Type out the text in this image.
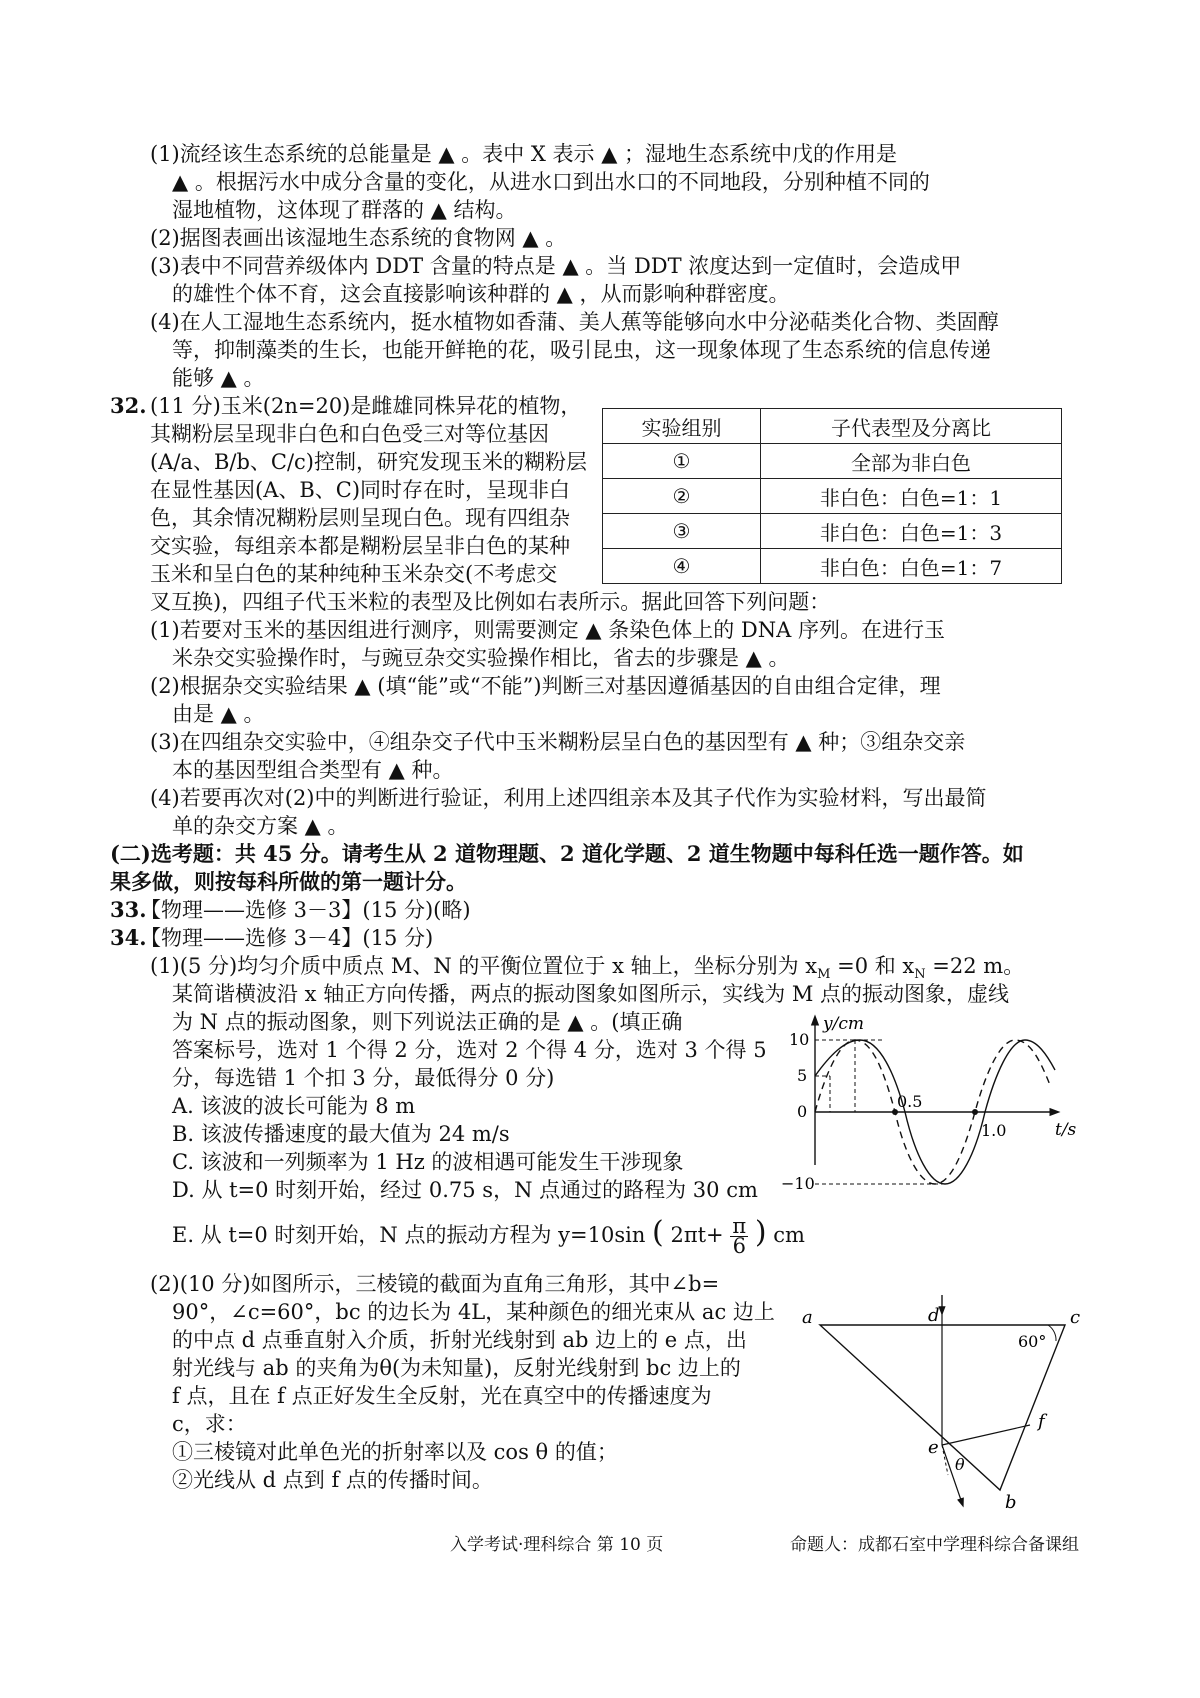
(1)流经该生态系统的总能量是 ▲ 。表中 X 表示 ▲ ；湿地生态系统中戊的作用是
▲ 。根据污水中成分含量的变化，从进水口到出水口的不同地段，分别种植不同的
湿地植物，这体现了群落的 ▲ 结构。
(2)据图表画出该湿地生态系统的食物网 ▲ 。
(3)表中不同营养级体内 DDT 含量的特点是 ▲ 。当 DDT 浓度达到一定值时，会造成甲
的雄性个体不育，这会直接影响该种群的 ▲ ，从而影响种群密度。
(4)在人工湿地生态系统内，挺水植物如香蒲、美人蕉等能够向水中分泌萜类化合物、类固醇
等，抑制藻类的生长，也能开鲜艳的花，吸引昆虫，这一现象体现了生态系统的信息传递
能够 ▲ 。
32. (11 分)玉米(2n=20)是雌雄同株异花的植物，
其糊粉层呈现非白色和白色受三对等位基因
(A/a、B/b、C/c)控制，研究发现玉米的糊粉层
在显性基因(A、B、C)同时存在时，呈现非白
色，其余情况糊粉层则呈现白色。现有四组杂
交实验，每组亲本都是糊粉层呈非白色的某种
玉米和呈白色的某种纯种玉米杂交(不考虑交
叉互换)，四组子代玉米粒的表型及比例如右表所示。据此回答下列问题：
实验组别	子代表型及分离比
①	全部为非白色
②	非白色：白色=1：1
③	非白色：白色=1：3
④	非白色：白色=1：7
(1)若要对玉米的基因组进行测序，则需要测定 ▲ 条染色体上的 DNA 序列。在进行玉
米杂交实验操作时，与豌豆杂交实验操作相比，省去的步骤是 ▲ 。
(2)根据杂交实验结果 ▲ (填“能”或“不能”)判断三对基因遵循基因的自由组合定律，理
由是 ▲ 。
(3)在四组杂交实验中，④组杂交子代中玉米糊粉层呈白色的基因型有 ▲ 种；③组杂交亲
本的基因型组合类型有 ▲ 种。
(4)若要再次对(2)中的判断进行验证，利用上述四组亲本及其子代作为实验材料，写出最简
单的杂交方案 ▲ 。
(二)选考题：共 45 分。请考生从 2 道物理题、2 道化学题、2 道生物题中每科任选一题作答。如
果多做，则按每科所做的第一题计分。
33.
【物理——选修 3－3】(15 分)(略)
34.
【物理——选修 3－4】(15 分)
(1)(5 分)均匀介质中质点 M、N 的平衡位置位于 x 轴上，坐标分别为 $x_M =0$ 和 $x_N =22$ m。
某简谐横波沿 x 轴正方向传播，两点的振动图象如图所示，实线为 M 点的振动图象，虚线
为 N 点的振动图象，则下列说法正确的是 ▲ 。(填正确
答案标号，选对 1 个得 2 分，选对 2 个得 4 分，选对 3 个得 5
分，每选错 1 个扣 3 分，最低得分 0 分)
A. 该波的波长可能为 8 m
B. 该波传播速度的最大值为 24 m/s
C. 该波和一列频率为 1 Hz 的波相遇可能发生干涉现象
D. 从 t=0 时刻开始，经过 0.75 s，N 点通过的路程为 30 cm
E. 从 t=0 时刻开始，N 点的振动方程为 y=10sin ( $2\pi t+ \frac{\pi}{6}$ ) cm
(2)(10 分)如图所示，三棱镜的截面为直角三角形，其中∠b=
90°，∠c=60°，bc 的边长为 4L，某种颜色的细光束从 ac 边上
的中点 d 点垂直射入介质，折射光线射到 ab 边上的 e 点，出
射光线与 ab 的夹角为θ(为未知量)，反射光线射到 bc 边上的
f 点，且在 f 点正好发生全反射，光在真空中的传播速度为
c，求：
①三棱镜对此单色光的折射率以及 cos θ 的值；
②光线从 d 点到 f 点的传播时间。
y/cm
t/s
10
5
0
−10
0.5
1.0
a	c
b
d
e
f
θ
60°
入学考试·理科综合 第 10 页	命题人：成都石室中学理科综合备课组
